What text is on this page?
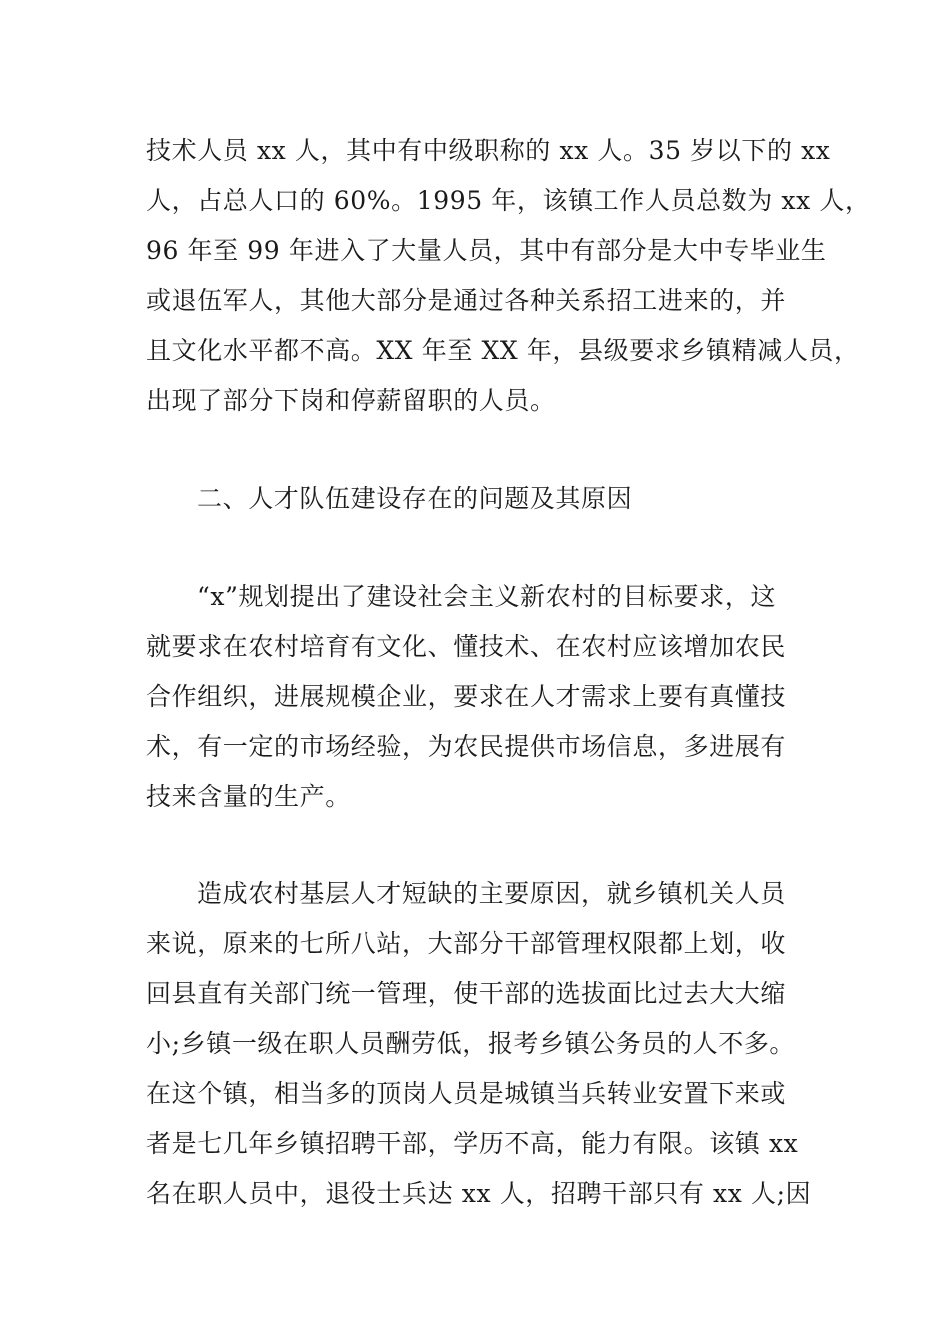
技术人员 xx 人，其中有中级职称的 xx 人。35 岁以下的 xx
人，占总人口的 60%。1995 年，该镇工作人员总数为 xx 人，
96 年至 99 年进入了大量人员，其中有部分是大中专毕业生
或退伍军人，其他大部分是通过各种关系招工进来的，并
且文化水平都不高。XX 年至 XX 年，县级要求乡镇精减人员，
出现了部分下岗和停薪留职的人员。
二、人才队伍建设存在的问题及其原因
“x”规划提出了建设社会主义新农村的目标要求，这
就要求在农村培育有文化、懂技术、在农村应该增加农民
合作组织，进展规模企业，要求在人才需求上要有真懂技
术，有一定的市场经验，为农民提供市场信息，多进展有
技来含量的生产。
造成农村基层人才短缺的主要原因，就乡镇机关人员
来说，原来的七所八站，大部分干部管理权限都上划，收
回县直有关部门统一管理，使干部的选拔面比过去大大缩
小;乡镇一级在职人员酬劳低，报考乡镇公务员的人不多。
在这个镇，相当多的顶岗人员是城镇当兵转业安置下来或
者是七几年乡镇招聘干部，学历不高，能力有限。该镇 xx
名在职人员中，退役士兵达 xx 人，招聘干部只有 xx 人;因
